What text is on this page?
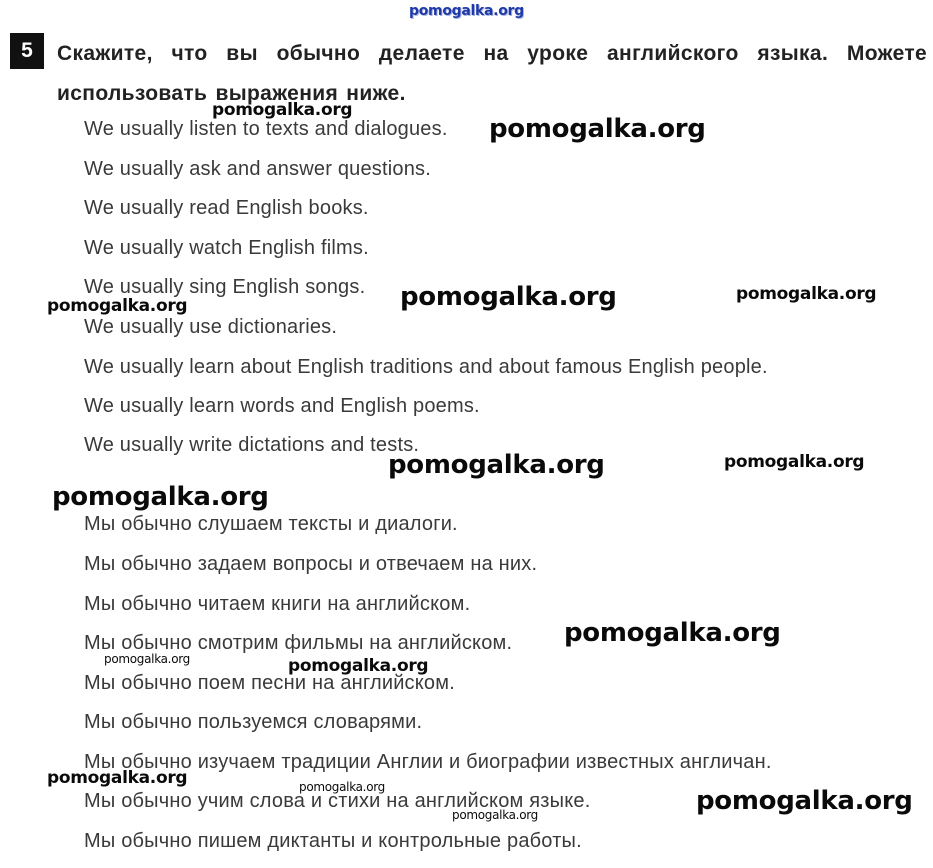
pomogalka.org
5	Скажите, что вы обычно делаете на уроке английского языка. Можете использовать выражения ниже.
We usually listen to texts and dialogues.
We usually ask and answer questions.
We usually read English books.
We usually watch English films.
We usually sing English songs.
We usually use dictionaries.
We usually learn about English traditions and about famous English people.
We usually learn words and English poems.
We usually write dictations and tests.
Мы обычно слушаем тексты и диалоги.
Мы обычно задаем вопросы и отвечаем на них.
Мы обычно читаем книги на английском.
Мы обычно смотрим фильмы на английском.
Мы обычно поем песни на английском.
Мы обычно пользуемся словарями.
Мы обычно изучаем традиции Англии и биографии известных англичан.
Мы обычно учим слова и стихи на английском языке.
Мы обычно пишем диктанты и контрольные работы.
pomogalka.org
pomogalka.org
pomogalka.org	pomogalka.org
pomogalka.org
pomogalka.org	pomogalka.org
pomogalka.org
pomogalka.org
pomogalka.org	pomogalka.org
pomogalka.org	pomogalka.org	pomogalka.org
pomogalka.org
